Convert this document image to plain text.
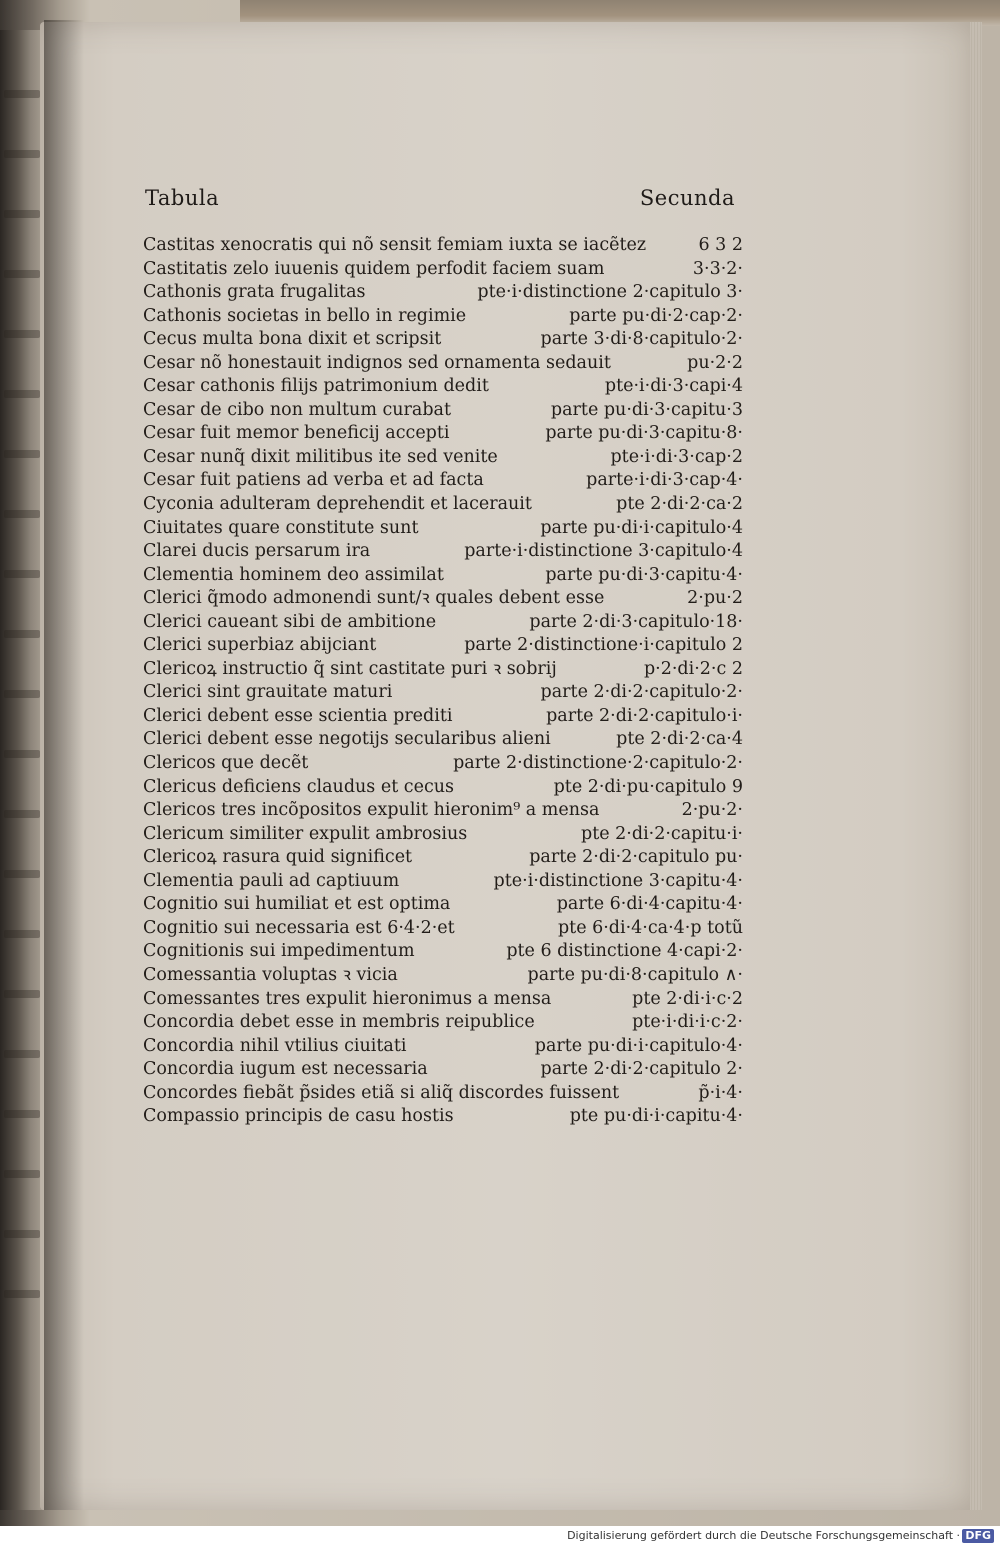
Tabula	Secunda
Castitas xenocratis qui nõ sensit femiam iuxta se iacẽtez	6 3 2
Castitatis zelo iuuenis quidem perfodit faciem suam	3·3·2·
Cathonis grata frugalitas	pte·i·distinctione 2·capitulo 3·
Cathonis societas in bello in regimie	parte pu·di·2·cap·2·
Cecus multa bona dixit et scripsit	parte 3·di·8·capitulo·2·
Cesar nõ honestauit indignos sed ornamenta sedauit	pu·2·2
Cesar cathonis filijs patrimonium dedit	pte·i·di·3·capi·4
Cesar de cibo non multum curabat	parte pu·di·3·capitu·3
Cesar fuit memor beneficij accepti	parte pu·di·3·capitu·8·
Cesar nunq̃ dixit militibus ite sed venite	pte·i·di·3·cap·2
Cesar fuit patiens ad verba et ad facta	parte·i·di·3·cap·4·
Cyconia adulteram deprehendit et lacerauit	pte 2·di·2·ca·2
Ciuitates quare constitute sunt	parte pu·di·i·capitulo·4
Clarei ducis persarum ira	parte·i·distinctione 3·capitulo·4
Clementia hominem deo assimilat	parte pu·di·3·capitu·4·
Clerici q̃modo admonendi sunt/ꝛ quales debent esse	2·pu·2
Clerici caueant sibi de ambitione	parte 2·di·3·capitulo·18·
Clerici superbiaz abijciant	parte 2·distinctione·i·capitulo 2
Clericoꝝ instructio q̃ sint castitate puri ꝛ sobrij	p·2·di·2·c 2
Clerici sint grauitate maturi	parte 2·di·2·capitulo·2·
Clerici debent esse scientia prediti	parte 2·di·2·capitulo·i·
Clerici debent esse negotijs secularibus alieni	pte 2·di·2·ca·4
Clericos que decẽt	parte 2·distinctione·2·capitulo·2·
Clericus deficiens claudus et cecus	pte 2·di·pu·capitulo 9
Clericos tres incõpositos expulit hieronim⁹ a mensa	2·pu·2·
Clericum similiter expulit ambrosius	pte 2·di·2·capitu·i·
Clericoꝝ rasura quid significet	parte 2·di·2·capitulo pu·
Clementia pauli ad captiuum	pte·i·distinctione 3·capitu·4·
Cognitio sui humiliat et est optima	parte 6·di·4·capitu·4·
Cognitio sui necessaria est 6·4·2·et	pte 6·di·4·ca·4·p totũ
Cognitionis sui impedimentum	pte 6 distinctione 4·capi·2·
Comessantia voluptas ꝛ vicia	parte pu·di·8·capitulo ∧·
Comessantes tres expulit hieronimus a mensa	pte 2·di·i·c·2
Concordia debet esse in membris reipublice	pte·i·di·i·c·2·
Concordia nihil vtilius ciuitati	parte pu·di·i·capitulo·4·
Concordia iugum est necessaria	parte 2·di·2·capitulo 2·
Concordes fiebãt p̃sides etiã si aliq̃ discordes fuissent	p̃·i·4·
Compassio principis de casu hostis	pte pu·di·i·capitu·4·
Digitalisierung gefördert durch die Deutsche Forschungsgemeinschaft · DFG
